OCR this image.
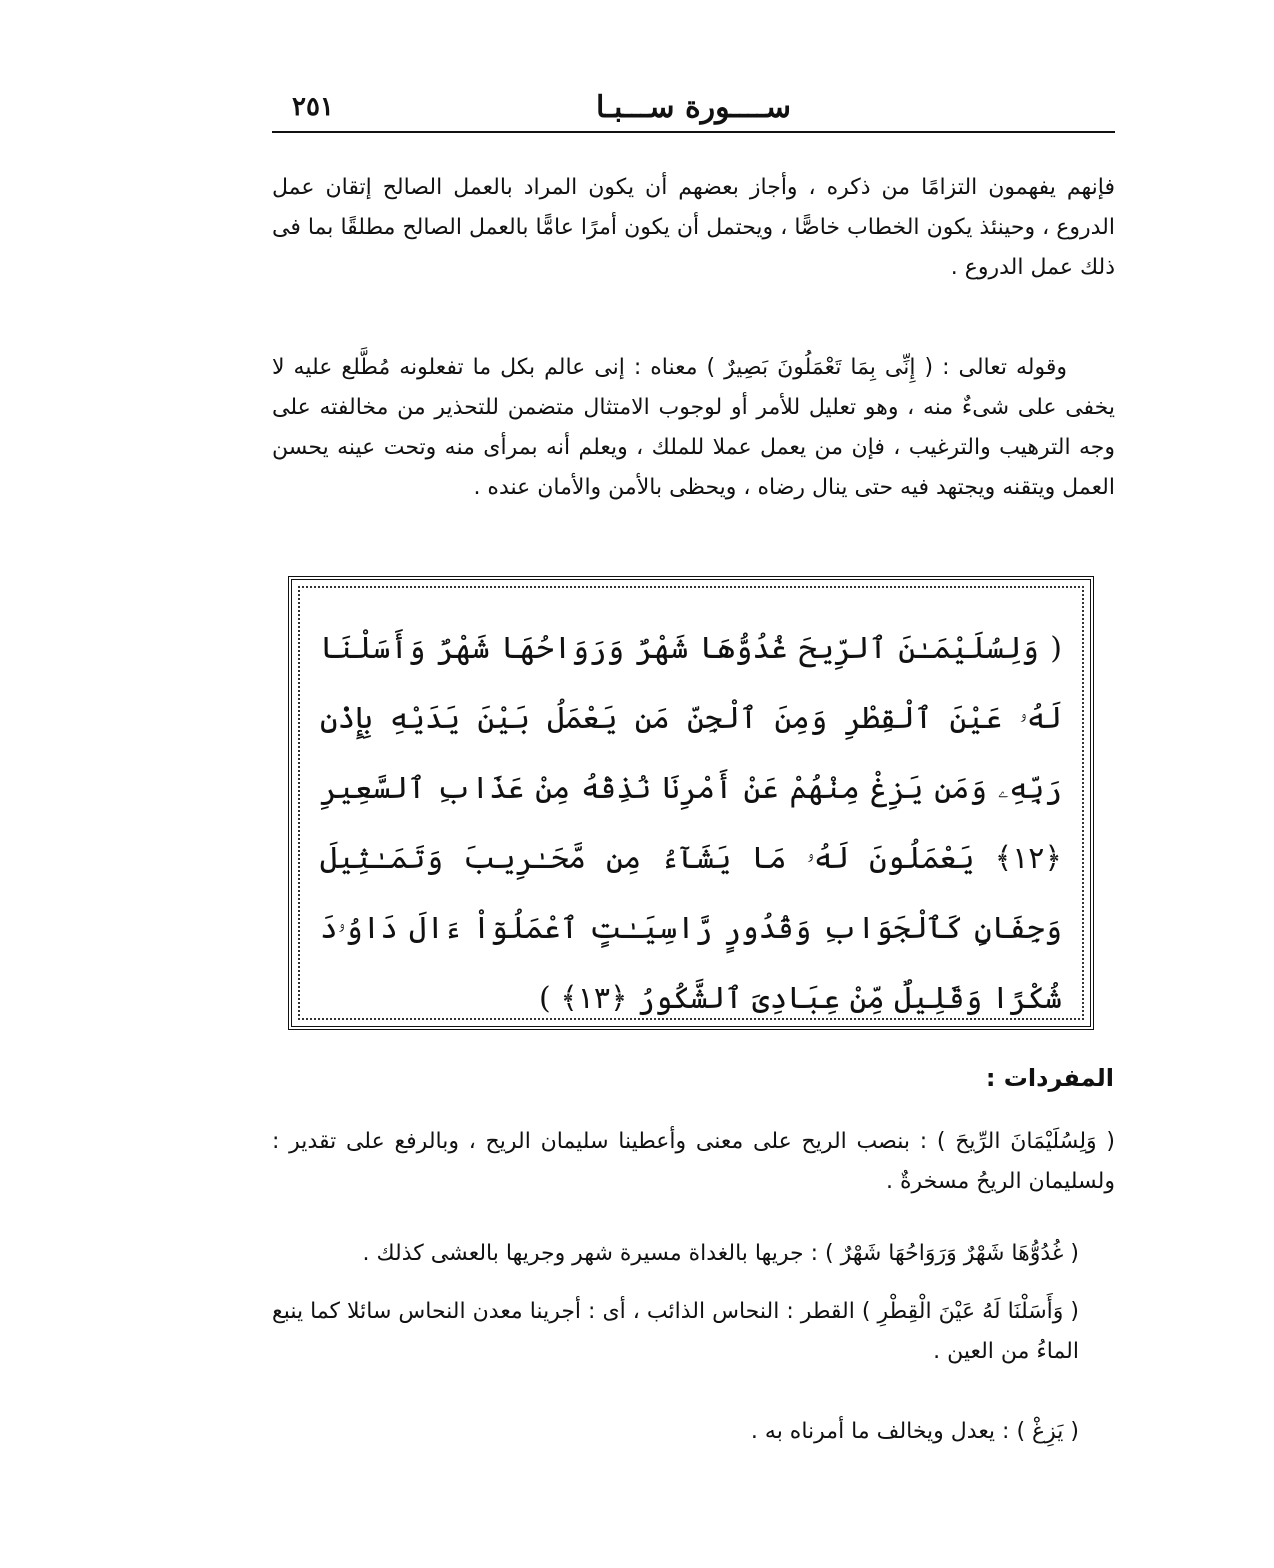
ســــورة ســـبـا
٢٥١
فإنهم يفهمون التزامًا من ذكره ، وأجاز بعضهم أن يكون المراد بالعمل الصالح إتقان عمل الدروع ، وحينئذ يكون الخطاب خاصًّا ، ويحتمل أن يكون أمرًا عامًّا بالعمل الصالح مطلقًا بما فى ذلك عمل الدروع .
وقوله تعالى : ( إِنِّى بِمَا تَعْمَلُونَ بَصِيرٌ ) معناه : إنى عالم بكل ما تفعلونه مُطَّلع عليه لا يخفى على شىءٌ منه ، وهو تعليل للأمر أو لوجوب الامتثال متضمن للتحذير من مخالفته على وجه الترهيب والترغيب ، فإن من يعمل عملا للملك ، ويعلم أنه بمرأى منه وتحت عينه يحسن العمل ويتقنه ويجتهد فيه حتى ينال رضاه ، ويحظى بالأمن والأمان عنده .
( وَلِسُلَيْمَـٰنَ ٱلرِّيحَ غُدُوُّهَا شَهْرٌ وَرَوَاحُهَا شَهْرٌ وَأَسَلْنَا لَهُۥ عَيْنَ ٱلْقِطْرِ وَمِنَ ٱلْجِنِّ مَن يَعْمَلُ بَيْنَ يَدَيْهِ بِإِذْنِ رَبِّهِۦ وَمَن يَزِغْ مِنْهُمْ عَنْ أَمْرِنَا نُذِقْهُ مِنْ عَذَابِ ٱلسَّعِيرِ ﴿١٢﴾ يَعْمَلُونَ لَهُۥ مَا يَشَآءُ مِن مَّحَـٰرِيبَ وَتَمَـٰثِيلَ وَجِفَانٍ كَٱلْجَوَابِ وَقُدُورٍ رَّاسِيَـٰتٍ ٱعْمَلُوٓاْ ءَالَ دَاوُۥدَ شُكْرًا وَقَلِيلٌ مِّنْ عِبَادِىَ ٱلشَّكُورُ ﴿١٣﴾ )
المفردات :
( وَلِسُلَيْمَانَ الرِّيحَ ) : بنصب الريح على معنى وأعطينا سليمان الريح ، وبالرفع على تقدير : ولسليمان الريحُ مسخرةٌ .
( غُدُوُّهَا شَهْرٌ وَرَوَاحُهَا شَهْرٌ ) : جريها بالغداة مسيرة شهر وجريها بالعشى كذلك .
( وَأَسَلْنَا لَهُ عَيْنَ الْقِطْرِ ) القطر : النحاس الذائب ، أى : أجرينا معدن النحاس سائلا كما ينبع الماءُ من العين .
( يَزِغْ ) : يعدل ويخالف ما أمرناه به .
